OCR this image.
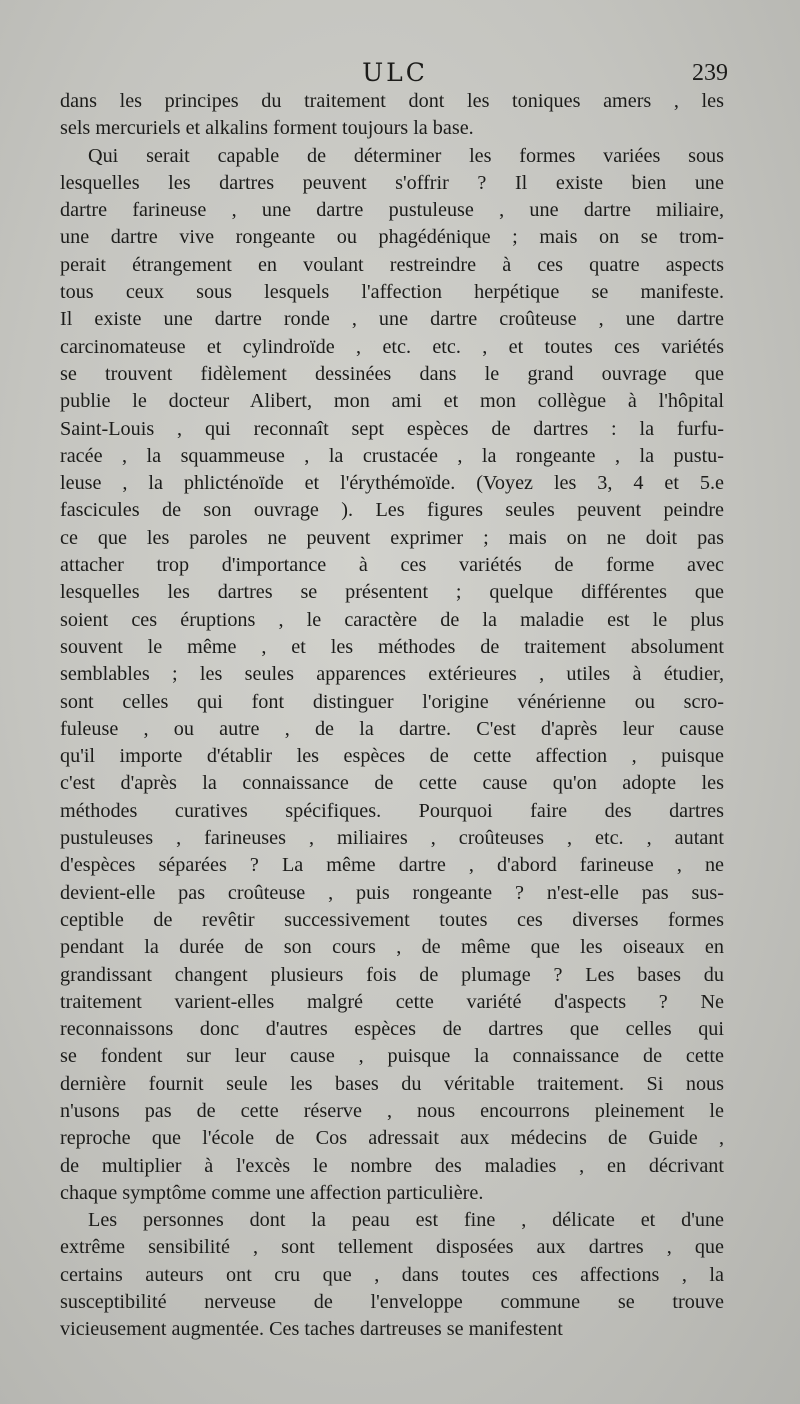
ULC	239
dans les principes du traitement dont les toniques amers , les
sels mercuriels et alkalins forment toujours la base.
Qui serait capable de déterminer les formes variées sous
lesquelles les dartres peuvent s'offrir ? Il existe bien une
dartre farineuse , une dartre pustuleuse , une dartre miliaire,
une dartre vive rongeante ou phagédénique ; mais on se trom-
perait étrangement en voulant restreindre à ces quatre aspects
tous ceux sous lesquels l'affection herpétique se manifeste.
Il existe une dartre ronde , une dartre croûteuse , une dartre
carcinomateuse et cylindroïde , etc. etc. , et toutes ces variétés
se trouvent fidèlement dessinées dans le grand ouvrage que
publie le docteur Alibert, mon ami et mon collègue à l'hôpital
Saint-Louis , qui reconnaît sept espèces de dartres : la furfu-
racée , la squammeuse , la crustacée , la rongeante , la pustu-
leuse , la phlicténoïde et l'érythémoïde. (Voyez les 3, 4 et 5.e
fascicules de son ouvrage ). Les figures seules peuvent peindre
ce que les paroles ne peuvent exprimer ; mais on ne doit pas
attacher trop d'importance à ces variétés de forme avec
lesquelles les dartres se présentent ; quelque différentes que
soient ces éruptions , le caractère de la maladie est le plus
souvent le même , et les méthodes de traitement absolument
semblables ; les seules apparences extérieures , utiles à étudier,
sont celles qui font distinguer l'origine vénérienne ou scro-
fuleuse , ou autre , de la dartre. C'est d'après leur cause
qu'il importe d'établir les espèces de cette affection , puisque
c'est d'après la connaissance de cette cause qu'on adopte les
méthodes curatives spécifiques. Pourquoi faire des dartres
pustuleuses , farineuses , miliaires , croûteuses , etc. , autant
d'espèces séparées ? La même dartre , d'abord farineuse , ne
devient-elle pas croûteuse , puis rongeante ? n'est-elle pas sus-
ceptible de revêtir successivement toutes ces diverses formes
pendant la durée de son cours , de même que les oiseaux en
grandissant changent plusieurs fois de plumage ? Les bases du
traitement varient-elles malgré cette variété d'aspects ? Ne
reconnaissons donc d'autres espèces de dartres que celles qui
se fondent sur leur cause , puisque la connaissance de cette
dernière fournit seule les bases du véritable traitement. Si nous
n'usons pas de cette réserve , nous encourrons pleinement le
reproche que l'école de Cos adressait aux médecins de Guide ,
de multiplier à l'excès le nombre des maladies , en décrivant
chaque symptôme comme une affection particulière.
Les personnes dont la peau est fine , délicate et d'une
extrême sensibilité , sont tellement disposées aux dartres , que
certains auteurs ont cru que , dans toutes ces affections , la
susceptibilité nerveuse de l'enveloppe commune se trouve
vicieusement augmentée. Ces taches dartreuses se manifestent
